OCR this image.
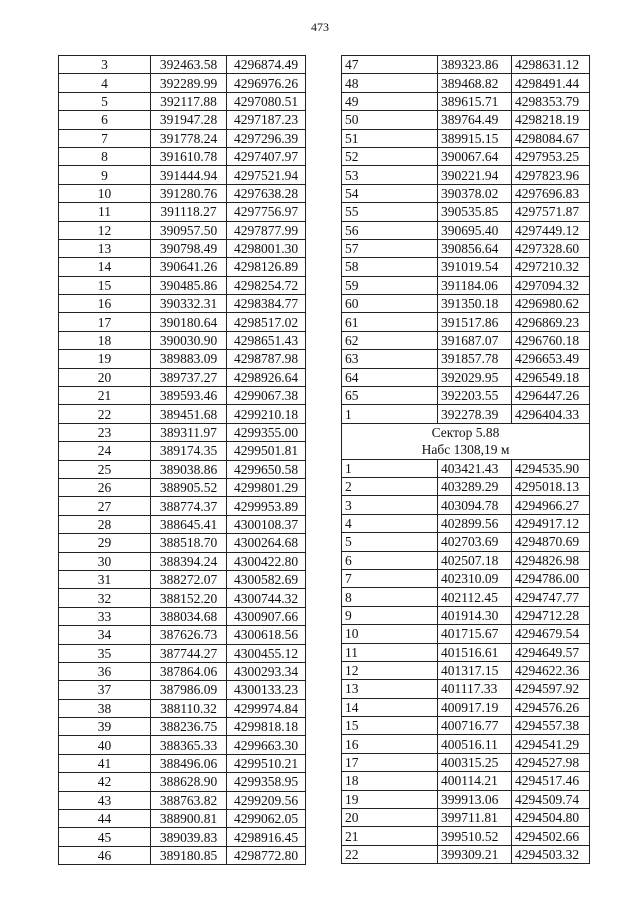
473
3	392463.58	4296874.49
4	392289.99	4296976.26
5	392117.88	4297080.51
6	391947.28	4297187.23
7	391778.24	4297296.39
8	391610.78	4297407.97
9	391444.94	4297521.94
10	391280.76	4297638.28
11	391118.27	4297756.97
12	390957.50	4297877.99
13	390798.49	4298001.30
14	390641.26	4298126.89
15	390485.86	4298254.72
16	390332.31	4298384.77
17	390180.64	4298517.02
18	390030.90	4298651.43
19	389883.09	4298787.98
20	389737.27	4298926.64
21	389593.46	4299067.38
22	389451.68	4299210.18
23	389311.97	4299355.00
24	389174.35	4299501.81
25	389038.86	4299650.58
26	388905.52	4299801.29
27	388774.37	4299953.89
28	388645.41	4300108.37
29	388518.70	4300264.68
30	388394.24	4300422.80
31	388272.07	4300582.69
32	388152.20	4300744.32
33	388034.68	4300907.66
34	387626.73	4300618.56
35	387744.27	4300455.12
36	387864.06	4300293.34
37	387986.09	4300133.23
38	388110.32	4299974.84
39	388236.75	4299818.18
40	388365.33	4299663.30
41	388496.06	4299510.21
42	388628.90	4299358.95
43	388763.82	4299209.56
44	388900.81	4299062.05
45	389039.83	4298916.45
46	389180.85	4298772.80
47	389323.86	4298631.12
48	389468.82	4298491.44
49	389615.71	4298353.79
50	389764.49	4298218.19
51	389915.15	4298084.67
52	390067.64	4297953.25
53	390221.94	4297823.96
54	390378.02	4297696.83
55	390535.85	4297571.87
56	390695.40	4297449.12
57	390856.64	4297328.60
58	391019.54	4297210.32
59	391184.06	4297094.32
60	391350.18	4296980.62
61	391517.86	4296869.23
62	391687.07	4296760.18
63	391857.78	4296653.49
64	392029.95	4296549.18
65	392203.55	4296447.26
1	392278.39	4296404.33
Сектор 5.88		
Набс 1308,19 м		
1	403421.43	4294535.90
2	403289.29	4295018.13
3	403094.78	4294966.27
4	402899.56	4294917.12
5	402703.69	4294870.69
6	402507.18	4294826.98
7	402310.09	4294786.00
8	402112.45	4294747.77
9	401914.30	4294712.28
10	401715.67	4294679.54
11	401516.61	4294649.57
12	401317.15	4294622.36
13	401117.33	4294597.92
14	400917.19	4294576.26
15	400716.77	4294557.38
16	400516.11	4294541.29
17	400315.25	4294527.98
18	400114.21	4294517.46
19	399913.06	4294509.74
20	399711.81	4294504.80
21	399510.52	4294502.66
22	399309.21	4294503.32
